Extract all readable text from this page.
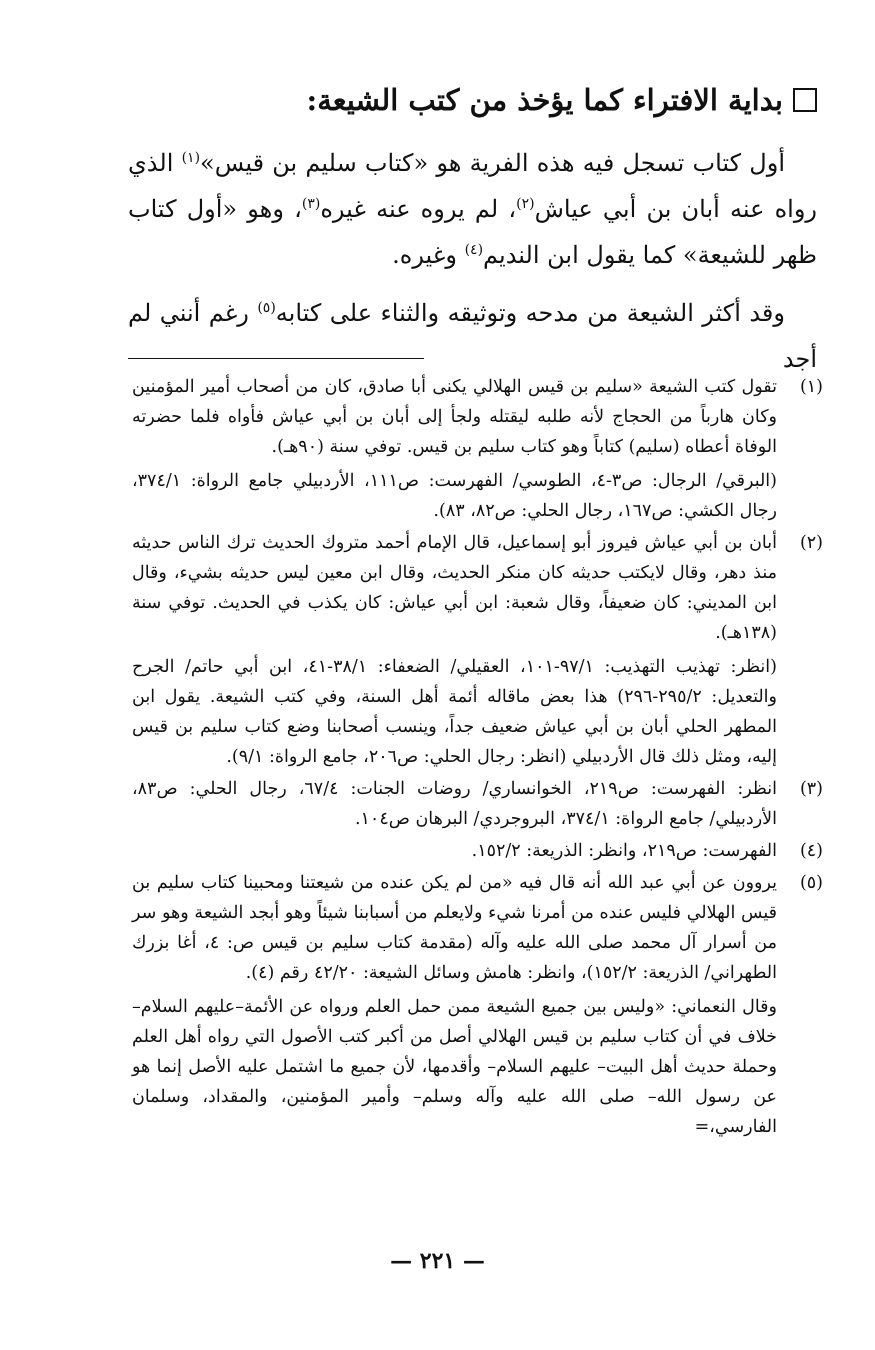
بداية الافتراء كما يؤخذ من كتب الشيعة:

أول كتاب تسجل فيه هذه الفرية هو «كتاب سليم بن قيس»$^{(١)}$ الذي رواه عنه أبان بن أبي عياش$^{(٢)}$، لم يروه عنه غيره$^{(٣)}$، وهو «أول كتاب ظهر للشيعة» كما يقول ابن النديم$^{(٤)}$ وغيره.

وقد أكثر الشيعة من مدحه وتوثيقه والثناء على كتابه$^{(٥)}$ رغم أنني لم أجد

(١)

تقول كتب الشيعة «سليم بن قيس الهلالي يكنى أبا صادق، كان من أصحاب أمير المؤمنين وكان هارباً من الحجاج لأنه طلبه ليقتله ولجأ إلى أبان بن أبي عياش فأواه فلما حضرته الوفاة أعطاه (سليم) كتاباً وهو كتاب سليم بن قيس. توفي سنة (٩٠هـ).

(البرقي/ الرجال: ص٣-٤، الطوسي/ الفهرست: ص١١١، الأردبيلي جامع الرواة: ٣٧٤/١، رجال الكشي: ص١٦٧، رجال الحلي: ص٨٢، ٨٣).

(٢)

أبان بن أبي عياش فيروز أبو إسماعيل، قال الإمام أحمد متروك الحديث ترك الناس حديثه منذ دهر، وقال لايكتب حديثه كان منكر الحديث، وقال ابن معين ليس حديثه بشيء، وقال ابن المديني: كان ضعيفاً، وقال شعبة: ابن أبي عياش: كان يكذب في الحديث. توفي سنة (١٣٨هـ).

(انظر: تهذيب التهذيب: ٩٧/١-١٠١، العقيلي/ الضعفاء: ٣٨/١-٤١، ابن أبي حاتم/ الجرح والتعديل: ٢٩٥/٢-٢٩٦) هذا بعض ماقاله أئمة أهل السنة، وفي كتب الشيعة. يقول ابن المطهر الحلي أبان بن أبي عياش ضعيف جداً، وينسب أصحابنا وضع كتاب سليم بن قيس إليه، ومثل ذلك قال الأردبيلي (انظر: رجال الحلي: ص٢٠٦، جامع الرواة: ٩/١).

(٣)

انظر: الفهرست: ص٢١٩، الخوانساري/ روضات الجنات: ٦٧/٤، رجال الحلي: ص٨٣، الأردبيلي/ جامع الرواة: ٣٧٤/١، البروجردي/ البرهان ص١٠٤.

(٤)

الفهرست: ص٢١٩، وانظر: الذريعة: ١٥٢/٢.

(٥)

يروون عن أبي عبد الله أنه قال فيه «من لم يكن عنده من شيعتنا ومحبينا كتاب سليم بن قيس الهلالي فليس عنده من أمرنا شيء ولايعلم من أسبابنا شيئاً وهو أبجد الشيعة وهو سر من أسرار آل محمد صلى الله عليه وآله (مقدمة كتاب سليم بن قيس ص: ٤، أغا بزرك الطهراني/ الذريعة: ١٥٢/٢)، وانظر: هامش وسائل الشيعة: ٤٢/٢٠ رقم (٤).

وقال النعماني: «وليس بين جميع الشيعة ممن حمل العلم ورواه عن الأئمة–عليهم السلام– خلاف في أن كتاب سليم بن قيس الهلالي أصل من أكبر كتب الأصول التي رواه أهل العلم وحملة حديث أهل البيت– عليهم السلام– وأقدمها، لأن جميع ما اشتمل عليه الأصل إنما هو عن رسول الله– صلى الله عليه وآله وسلم– وأمير المؤمنين، والمقداد، وسلمان الفارسي،=

— ٢٢١ —
